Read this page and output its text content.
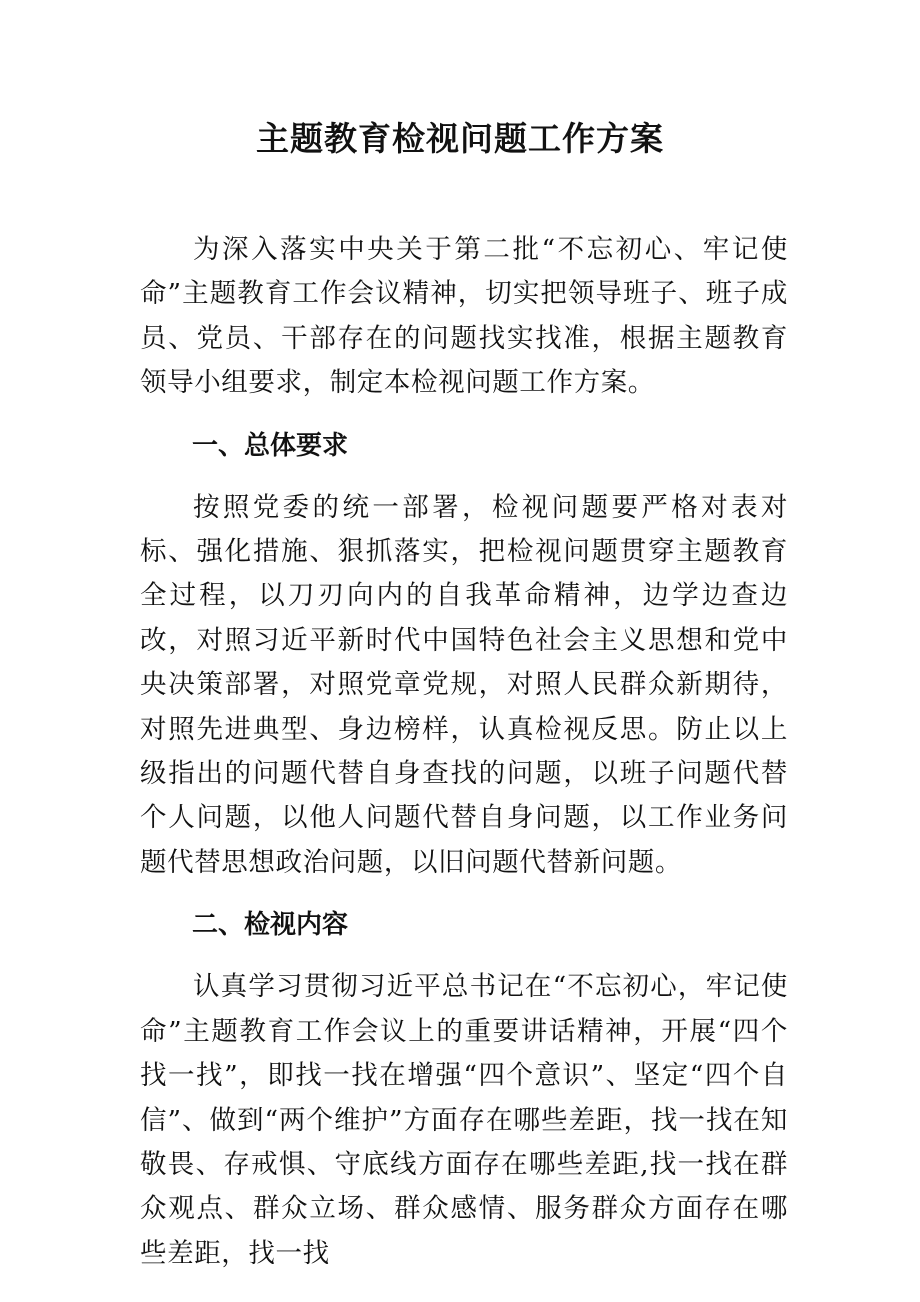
主题教育检视问题工作方案

为深入落实中央关于第二批“不忘初心、牢记使命”主题教育工作会议精神，切实把领导班子、班子成员、党员、干部存在的问题找实找准，根据主题教育领导小组要求，制定本检视问题工作方案。

一、总体要求

按照党委的统一部署，检视问题要严格对表对标、强化措施、狠抓落实，把检视问题贯穿主题教育全过程，以刀刃向内的自我革命精神，边学边查边改，对照习近平新时代中国特色社会主义思想和党中央决策部署，对照党章党规，对照人民群众新期待，对照先进典型、身边榜样，认真检视反思。防止以上级指出的问题代替自身查找的问题，以班子问题代替个人问题，以他人问题代替自身问题，以工作业务问题代替思想政治问题，以旧问题代替新问题。

二、检视内容

认真学习贯彻习近平总书记在“不忘初心，牢记使命”主题教育工作会议上的重要讲话精神，开展“四个找一找”，即找一找在增强“四个意识”、坚定“四个自信”、做到“两个维护”方面存在哪些差距，找一找在知敬畏、存戒惧、守底线方面存在哪些差距,找一找在群众观点、群众立场、群众感情、服务群众方面存在哪些差距，找一找
